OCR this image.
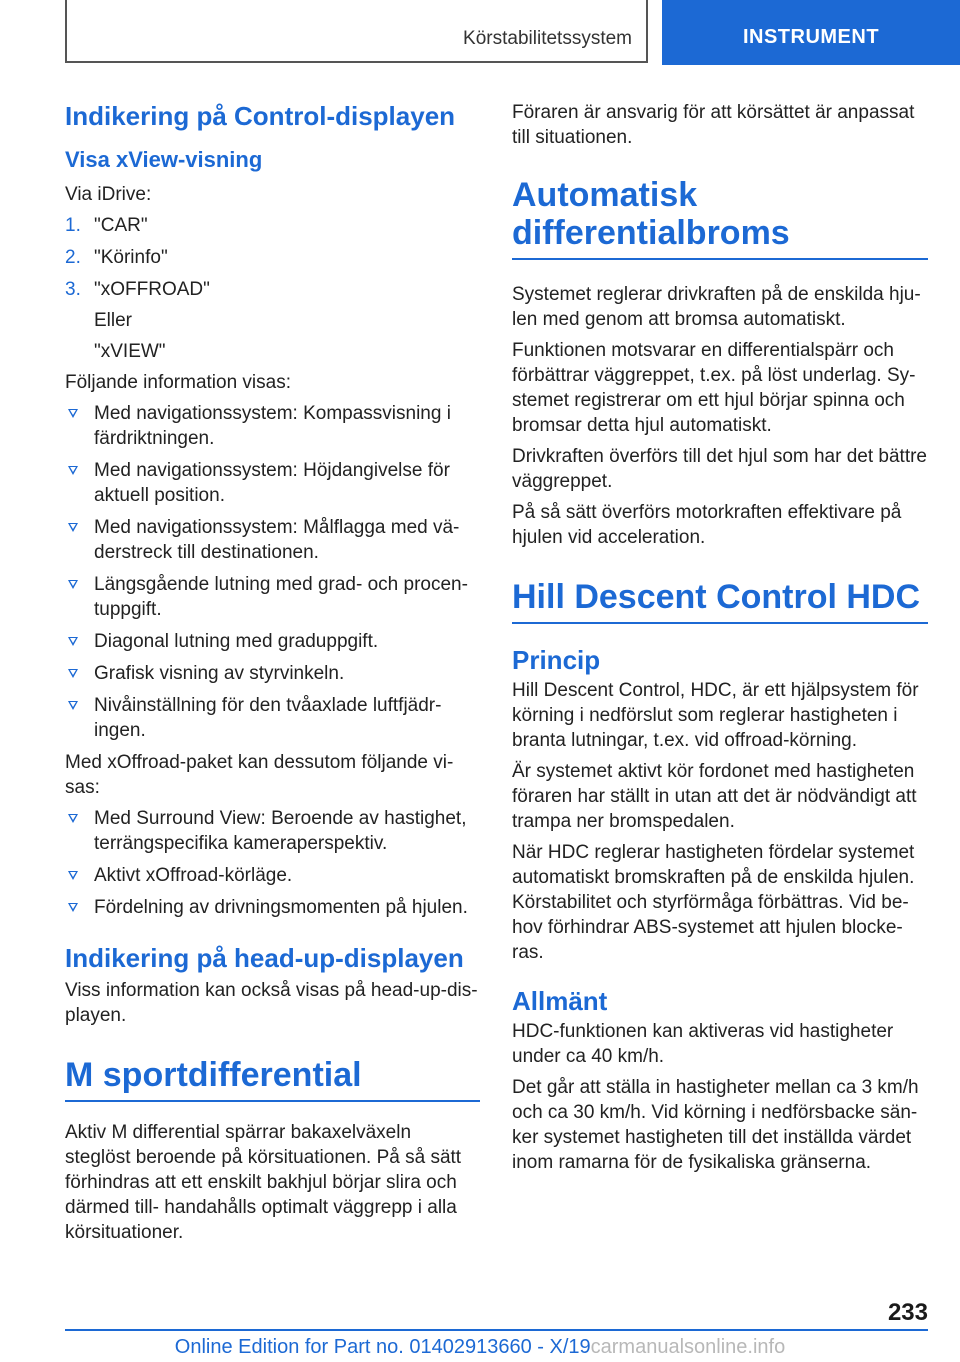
Körstabilitetssystem	INSTRUMENT
Indikering på Control-displayen
Visa xView-visning

Via iDrive:

1. "CAR"
2. "Körinfo"
3. "xOFFROAD"

Eller

"xVIEW"

Följande information visas:

Med navigationssystem: Kompassvisning i färdriktningen.
Med navigationssystem: Höjdangivelse för aktuell position.
Med navigationssystem: Målflagga med vä- derstreck till destinationen.
Längsgående lutning med grad- och procen- tuppgift.
Diagonal lutning med graduppgift.
Grafisk visning av styrvinkeln.
Nivåinställning för den tvåaxlade luftfjädr- ingen.

Med xOffroad-paket kan dessutom följande vi- sas:

Med Surround View: Beroende av hastighet, terrängspecifika kameraperspektiv.
Aktivt xOffroad-körläge.
Fördelning av drivningsmomenten på hjulen.
Indikering på head-up-displayen

Viss information kan också visas på head-up-dis- playen.

M sportdifferential

Aktiv M differential spärrar bakaxelväxeln steglöst beroende på körsituationen. På så sätt förhindras att ett enskilt bakhjul börjar slira och därmed till- handahålls optimalt väggrepp i alla körsituationer.

Föraren är ansvarig för att körsättet är anpassat till situationen.

Automatisk differentialbroms

Systemet reglerar drivkraften på de enskilda hju- len med genom att bromsa automatiskt.

Funktionen motsvarar en differentialspärr och förbättrar väggreppet, t.ex. på löst underlag. Sy- stemet registrerar om ett hjul börjar spinna och bromsar detta hjul automatiskt.

Drivkraften överförs till det hjul som har det bättre väggreppet.

På så sätt överförs motorkraften effektivare på hjulen vid acceleration.

Hill Descent Control HDC
Princip

Hill Descent Control, HDC, är ett hjälpsystem för körning i nedförslut som reglerar hastigheten i branta lutningar, t.ex. vid offroad-körning.

Är systemet aktivt kör fordonet med hastigheten föraren har ställt in utan att det är nödvändigt att trampa ner bromspedalen.

När HDC reglerar hastigheten fördelar systemet automatiskt bromskraften på de enskilda hjulen. Körstabilitet och styrförmåga förbättras. Vid be- hov förhindrar ABS-systemet att hjulen blocke- ras.

Allmänt

HDC-funktionen kan aktiveras vid hastigheter under ca 40 km/h.

Det går att ställa in hastigheter mellan ca 3 km/h och ca 30 km/h. Vid körning i nedförsbacke sän- ker systemet hastigheten till det inställda värdet inom ramarna för de fysikaliska gränserna.

233
Online Edition for Part no. 01402913660 - X/19carmanualsonline.info
